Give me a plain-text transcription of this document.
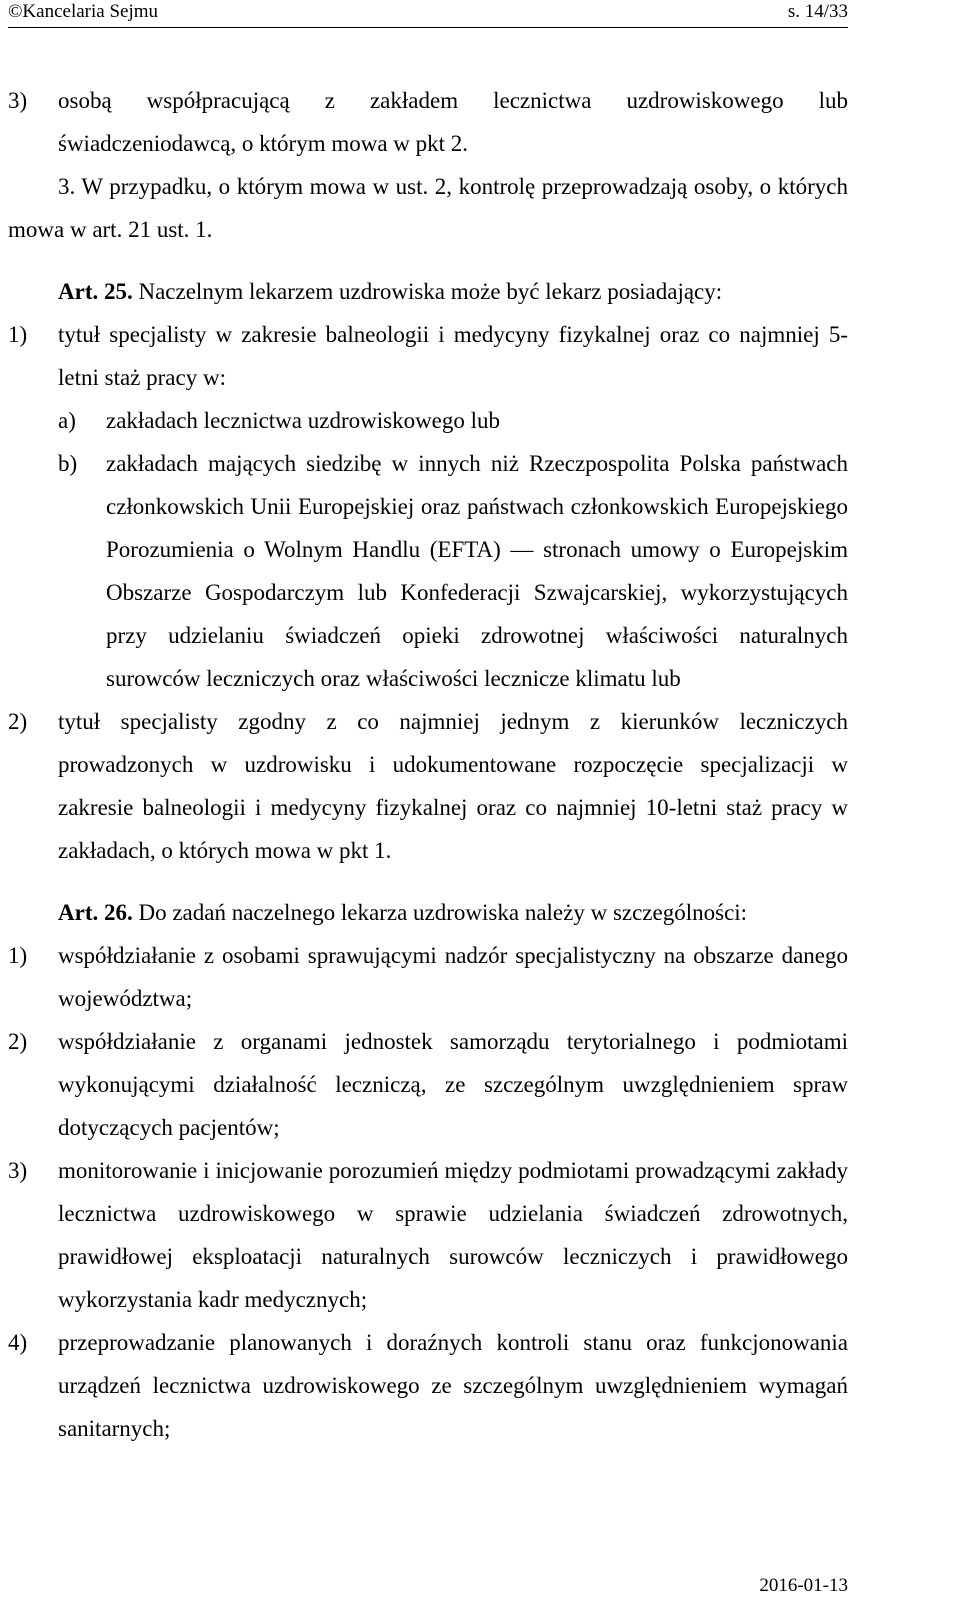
©Kancelaria Sejmu	s. 14/33
3) osobą współpracującą z zakładem lecznictwa uzdrowiskowego lub świadczeniodawcą, o którym mowa w pkt 2.
3. W przypadku, o którym mowa w ust. 2, kontrolę przeprowadzają osoby, o których mowa w art. 21 ust. 1.
Art. 25. Naczelnym lekarzem uzdrowiska może być lekarz posiadający:
1) tytuł specjalisty w zakresie balneologii i medycyny fizykalnej oraz co najmniej 5-letni staż pracy w:
a) zakładach lecznictwa uzdrowiskowego lub
b) zakładach mających siedzibę w innych niż Rzeczpospolita Polska państwach członkowskich Unii Europejskiej oraz państwach członkowskich Europejskiego Porozumienia o Wolnym Handlu (EFTA) — stronach umowy o Europejskim Obszarze Gospodarczym lub Konfederacji Szwajcarskiej, wykorzystujących przy udzielaniu świadczeń opieki zdrowotnej właściwości naturalnych surowców leczniczych oraz właściwości lecznicze klimatu lub
2) tytuł specjalisty zgodny z co najmniej jednym z kierunków leczniczych prowadzonych w uzdrowisku i udokumentowane rozpoczęcie specjalizacji w zakresie balneologii i medycyny fizykalnej oraz co najmniej 10-letni staż pracy w zakładach, o których mowa w pkt 1.
Art. 26. Do zadań naczelnego lekarza uzdrowiska należy w szczególności:
1) współdziałanie z osobami sprawującymi nadzór specjalistyczny na obszarze danego województwa;
2) współdziałanie z organami jednostek samorządu terytorialnego i podmiotami wykonującymi działalność leczniczą, ze szczególnym uwzględnieniem spraw dotyczących pacjentów;
3) monitorowanie i inicjowanie porozumień między podmiotami prowadzącymi zakłady lecznictwa uzdrowiskowego w sprawie udzielania świadczeń zdrowotnych, prawidłowej eksploatacji naturalnych surowców leczniczych i prawidłowego wykorzystania kadr medycznych;
4) przeprowadzanie planowanych i doraźnych kontroli stanu oraz funkcjonowania urządzeń lecznictwa uzdrowiskowego ze szczególnym uwzględnieniem wymagań sanitarnych;
2016-01-13
